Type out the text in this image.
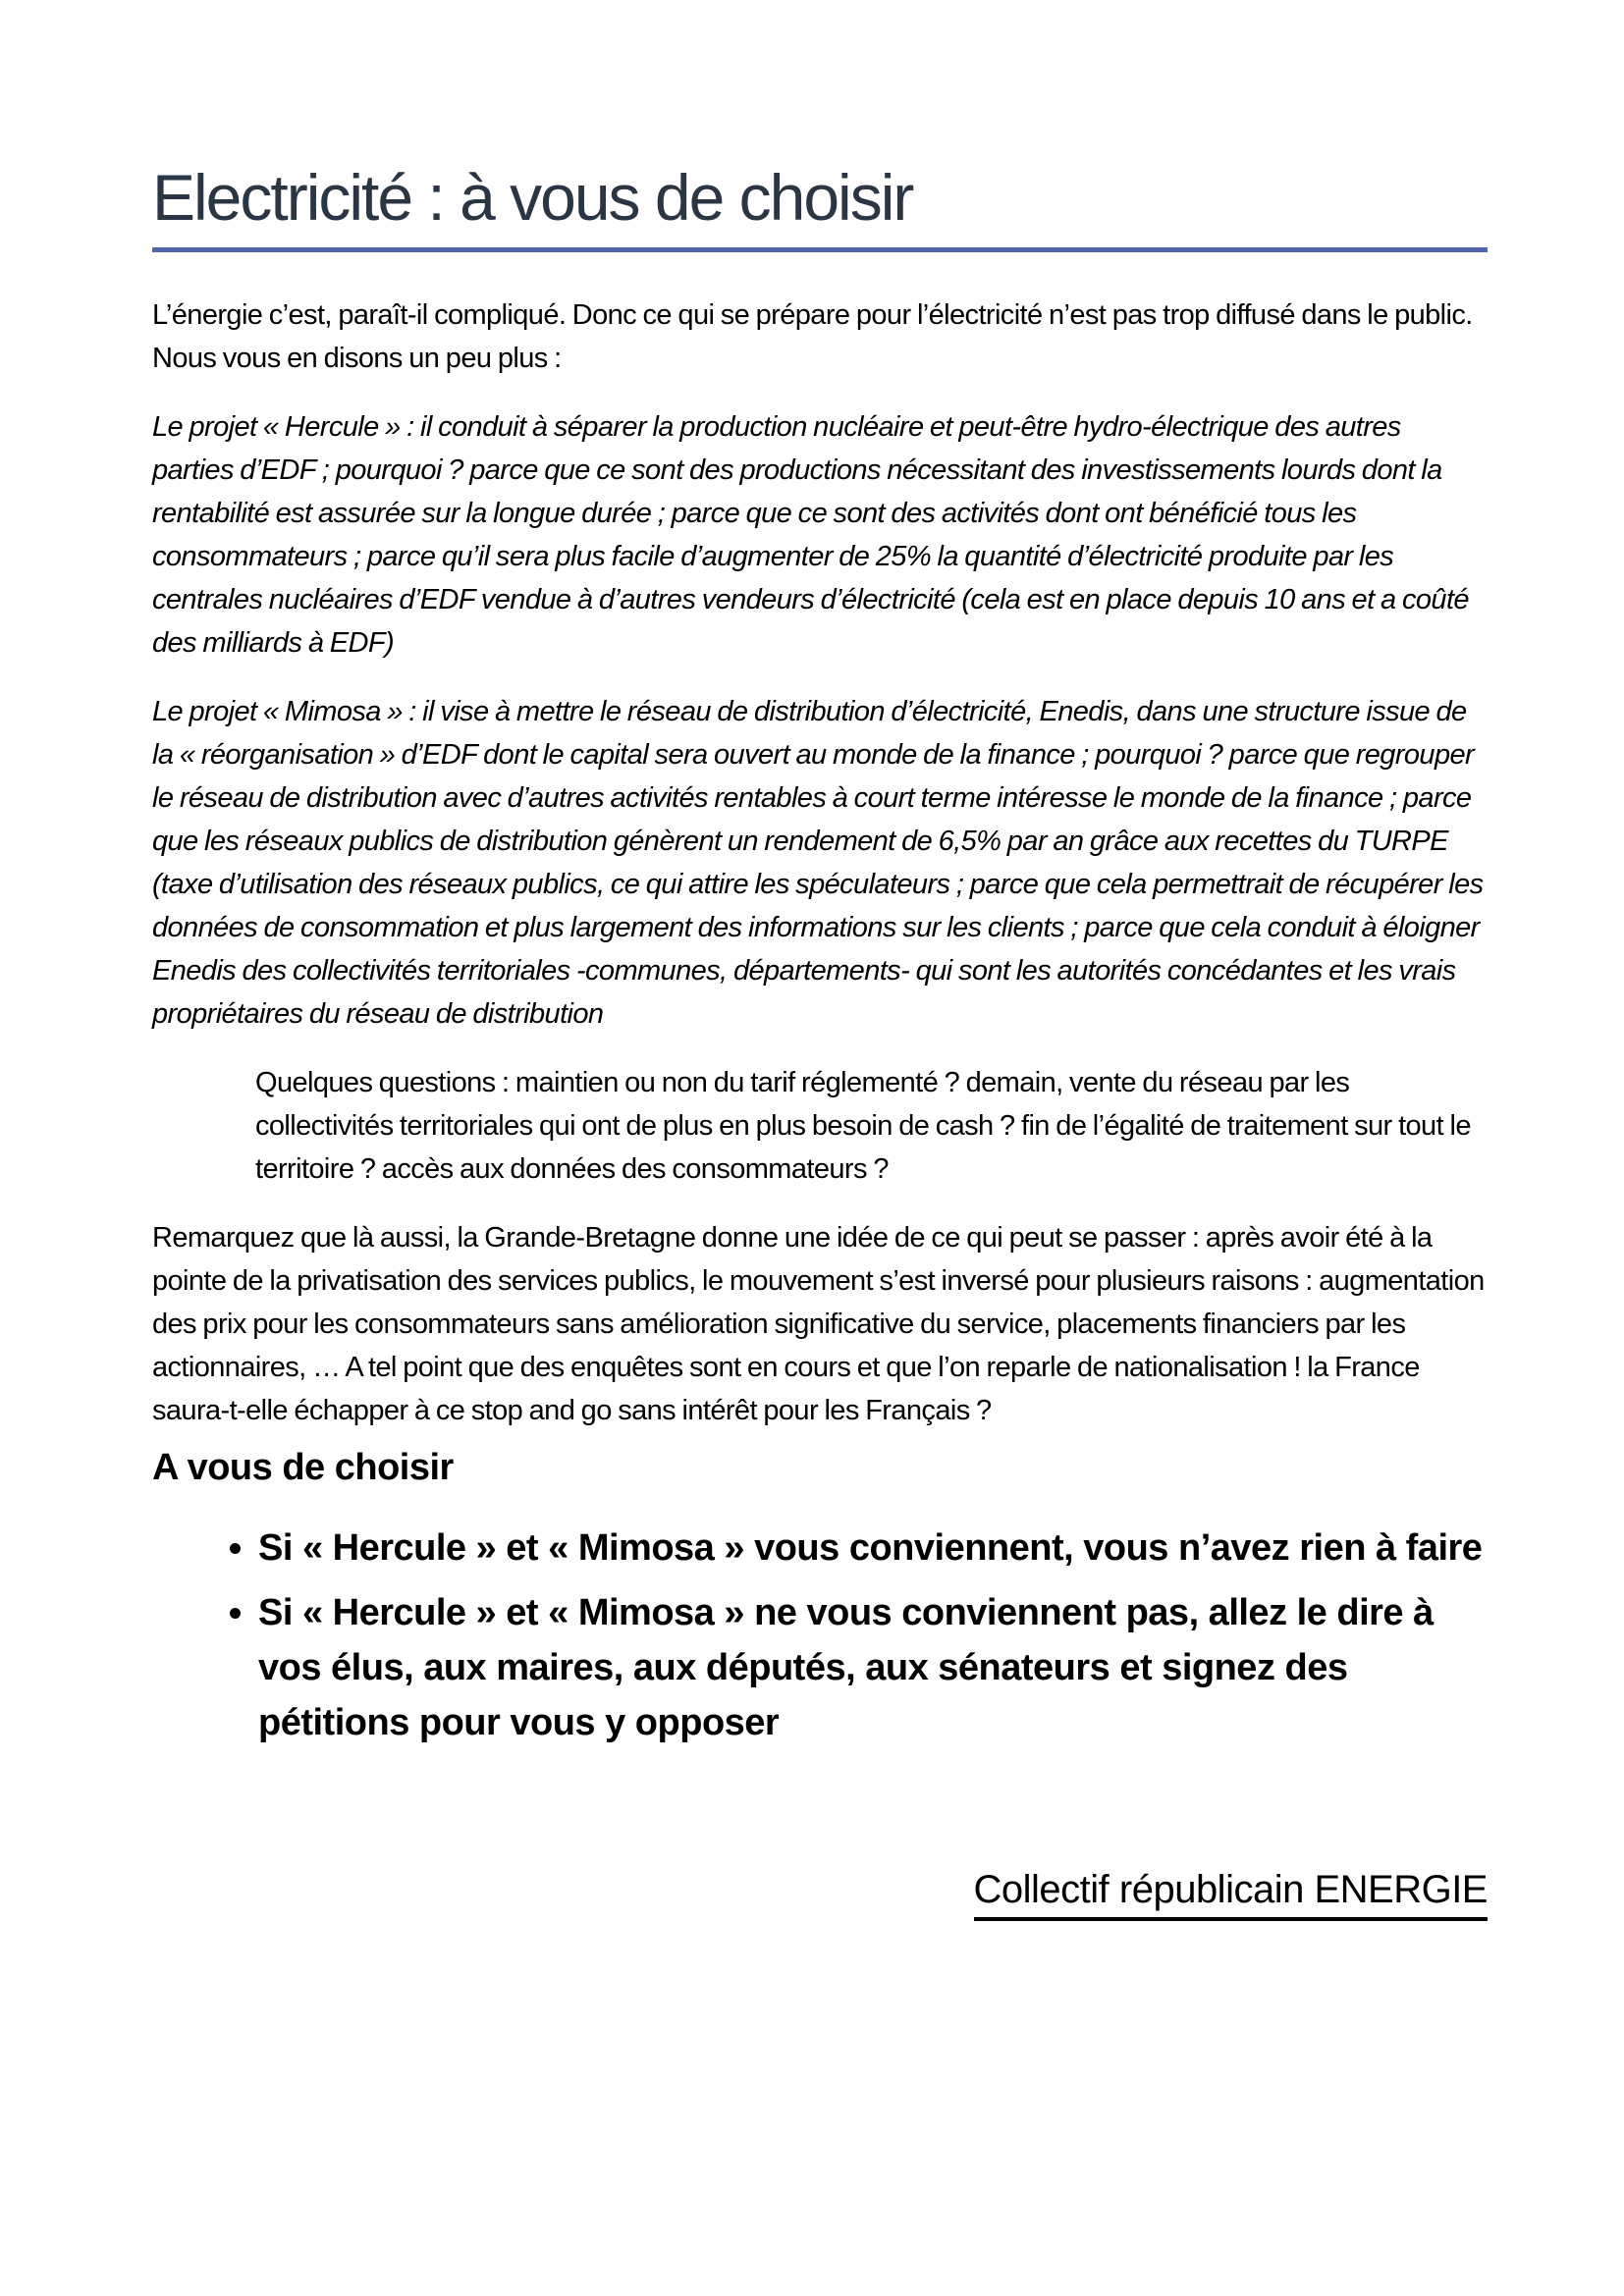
Electricité : à vous de choisir

L’énergie c’est, paraît-il compliqué. Donc ce qui se prépare pour l’électricité n’est pas trop diffusé dans le public. Nous vous en disons un peu plus :

Le projet « Hercule » : il conduit à séparer la production nucléaire et peut-être hydro-électrique des autres parties d’EDF ; pourquoi ? parce que ce sont des productions nécessitant des investissements lourds dont la rentabilité est assurée sur la longue durée ; parce que ce sont des activités dont ont bénéficié tous les consommateurs ; parce qu’il sera plus facile d’augmenter de 25% la quantité d’électricité produite par les centrales nucléaires d’EDF vendue à d’autres vendeurs d’électricité (cela est en place depuis 10 ans et a coûté des milliards à EDF)

Le projet « Mimosa » : il vise à mettre le réseau de distribution d’électricité, Enedis, dans une structure issue de la « réorganisation » d’EDF dont le capital sera ouvert au monde de la finance ; pourquoi ? parce que regrouper le réseau de distribution avec d’autres activités rentables à court terme intéresse le monde de la finance ; parce que les réseaux publics de distribution génèrent un rendement de 6,5% par an grâce aux recettes du TURPE (taxe d’utilisation des réseaux publics, ce qui attire les spéculateurs ; parce que cela permettrait de récupérer les données de consommation et plus largement des informations sur les clients ; parce que cela conduit à éloigner Enedis des collectivités territoriales -communes, départements- qui sont les autorités concédantes et les vrais propriétaires du réseau de distribution

Quelques questions : maintien ou non du tarif réglementé ? demain, vente du réseau par les collectivités territoriales qui ont de plus en plus besoin de cash ? fin de l’égalité de traitement sur tout le territoire ? accès aux données des consommateurs ?

Remarquez que là aussi, la Grande-Bretagne donne une idée de ce qui peut se passer : après avoir été à la pointe de la privatisation des services publics, le mouvement s’est inversé pour plusieurs raisons : augmentation des prix pour les consommateurs sans amélioration significative du service, placements financiers par les actionnaires, … A tel point que des enquêtes sont en cours et que l’on reparle de nationalisation ! la France saura-t-elle échapper à ce stop and go sans intérêt pour les Français ?

A vous de choisir
• Si « Hercule » et « Mimosa » vous conviennent, vous n’avez rien à faire
• Si « Hercule » et « Mimosa » ne vous conviennent pas, allez le dire à vos élus, aux maires, aux députés, aux sénateurs et signez des pétitions pour vous y opposer

Collectif républicain ENERGIE
